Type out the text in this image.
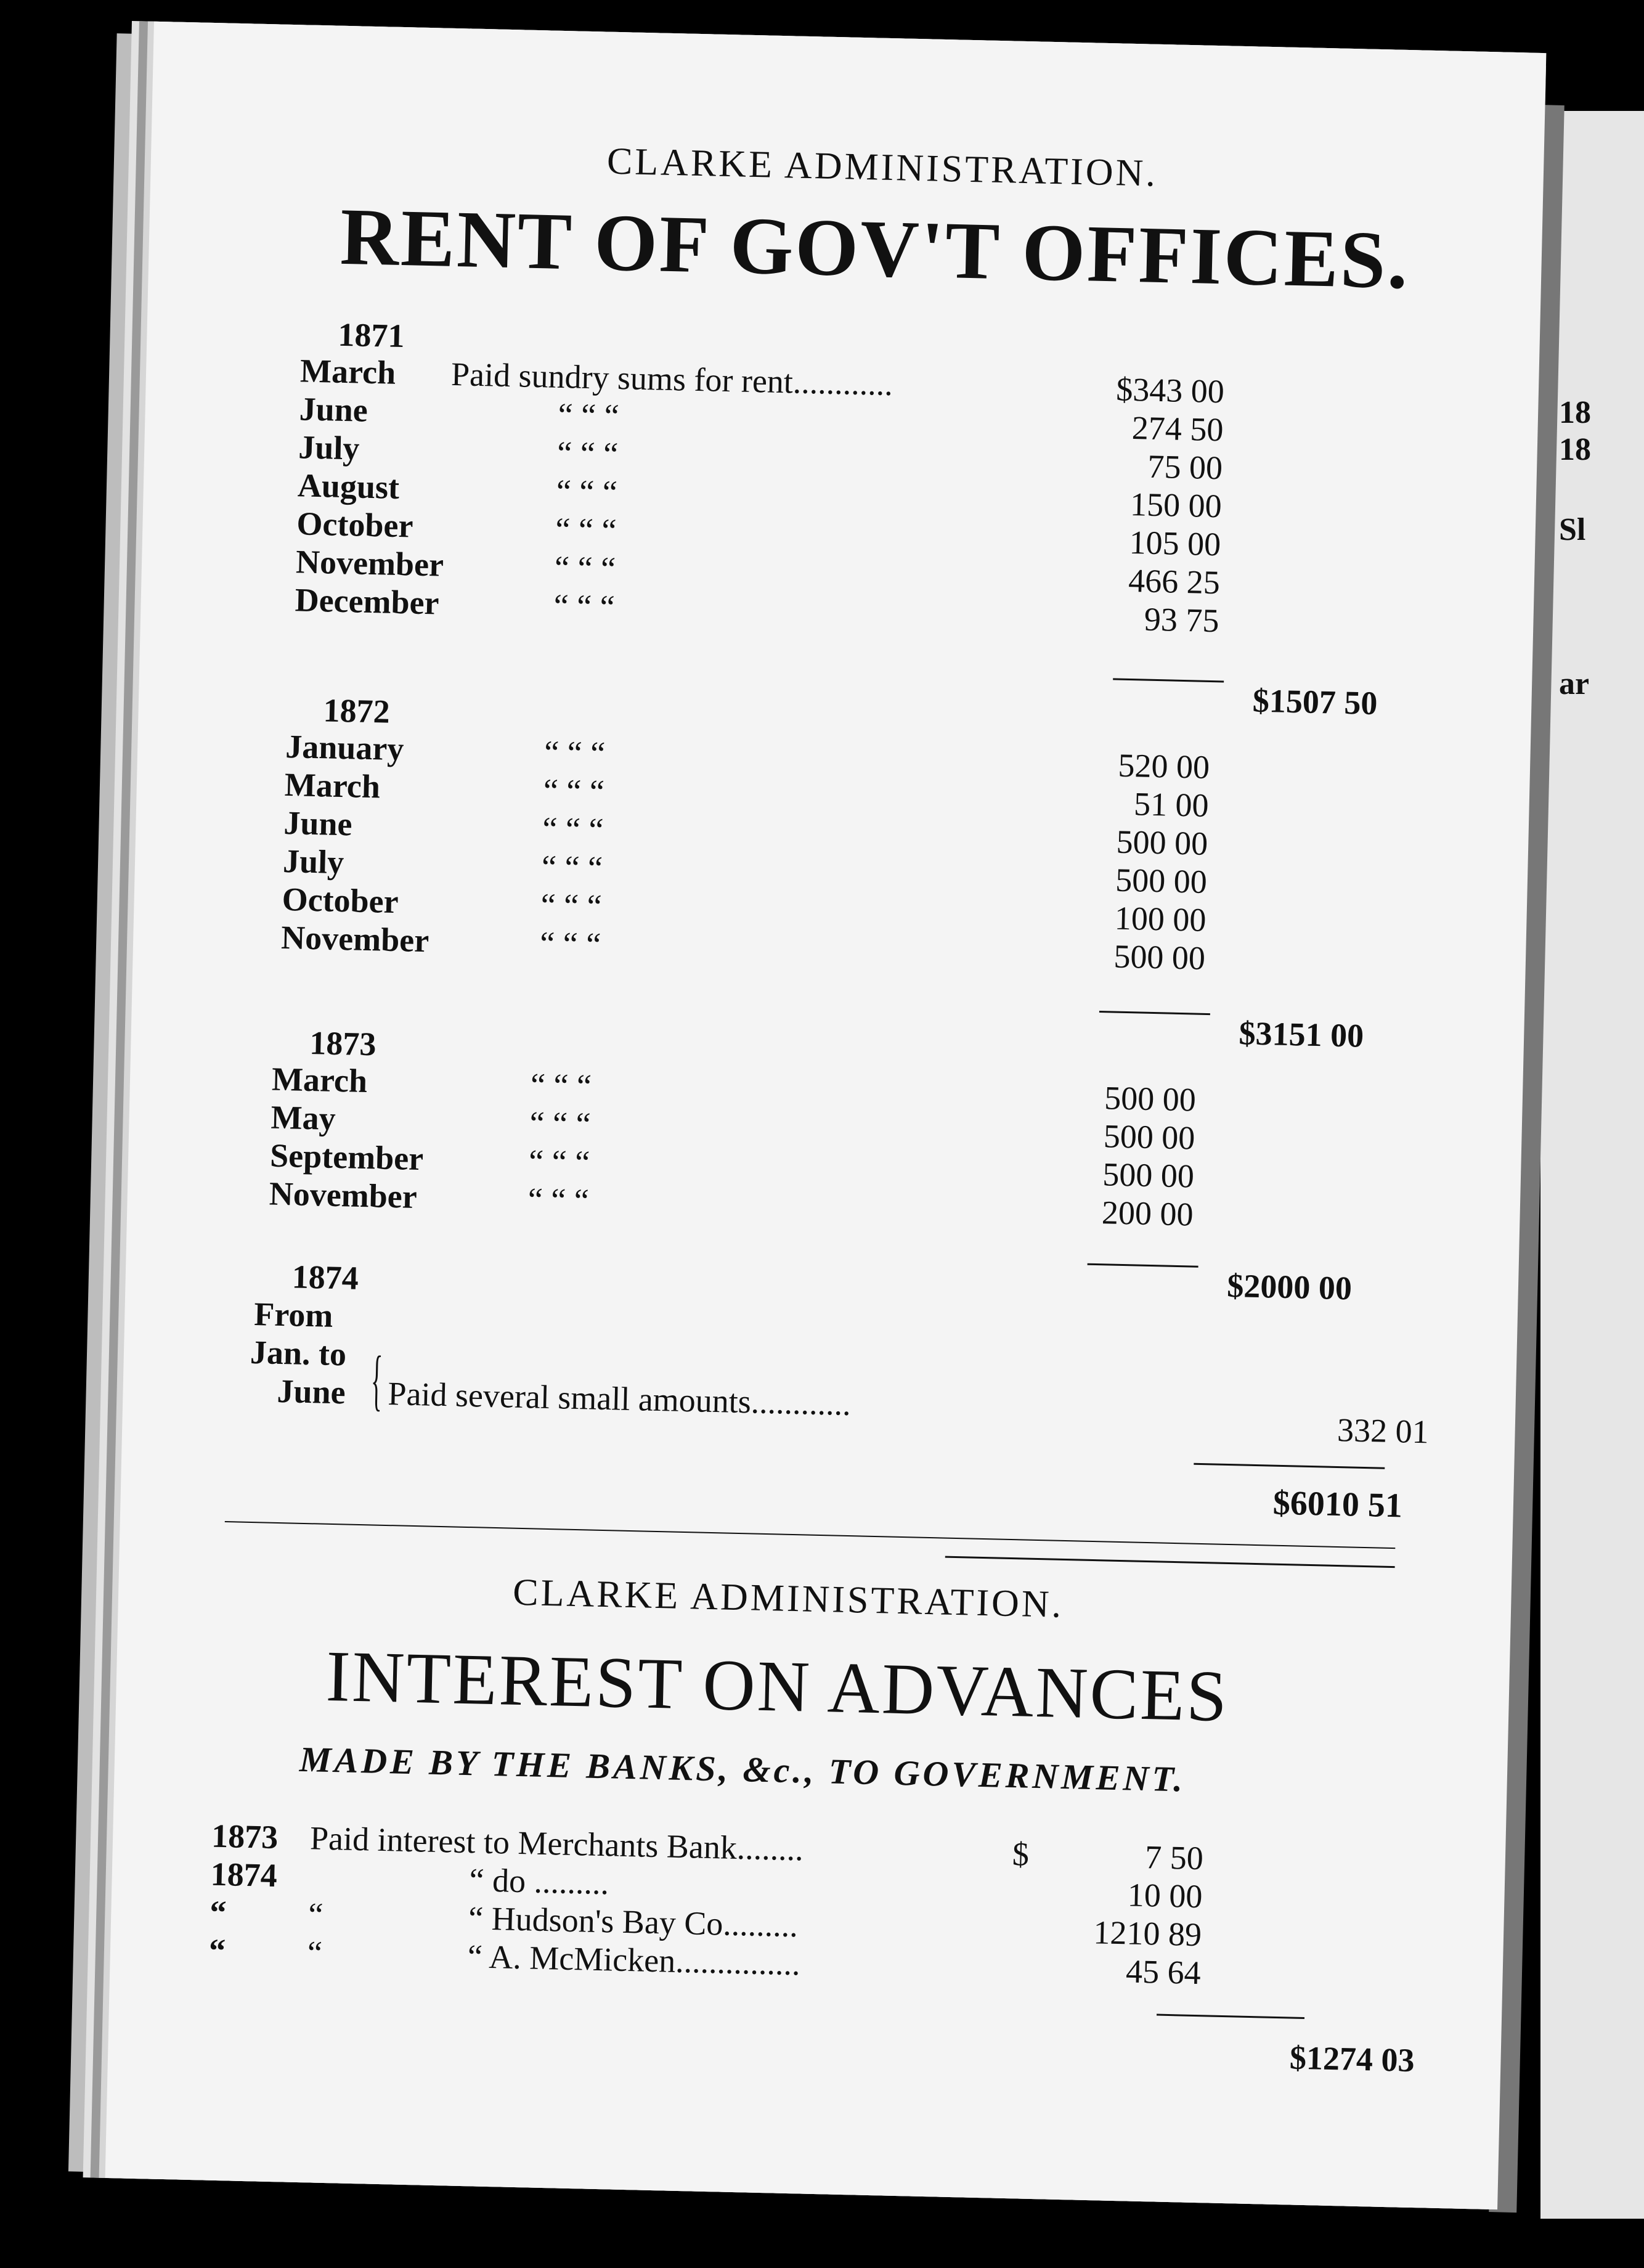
18
18
Sl
ar
CLARKE ADMINISTRATION.
RENT OF GOV'T OFFICES.
1871
March Paid sundry sums for rent............	$343 00
June	“ “ “	274 50
July	“ “ “	75 00
August	“ “ “	150 00
October	“ “ “	105 00
November	“ “ “	466 25
December	“ “ “	93 75
$1507 50
1872
January	“ “ “	520 00
March	“ “ “	51 00
June	“ “ “	500 00
July	“ “ “	500 00
October	“ “ “	100 00
November	“ “ “	500 00
$3151 00
1873
March	“ “ “	500 00
May	“ “ “	500 00
September	“ “ “	500 00
November	“ “ “	200 00
$2000 00
1874
From
Jan. to
June { Paid several small amounts............
332 01
$6010 51
CLARKE ADMINISTRATION.
INTEREST ON ADVANCES
MADE BY THE BANKS, &c., TO GOVERNMENT.
1873 Paid interest to Merchants Bank........	$	7 50
1874	“ do .........	10 00
“ “	“ Hudson's Bay Co.........	1210 89
“ “	“ A. McMicken...............	45 64
$1274 03
